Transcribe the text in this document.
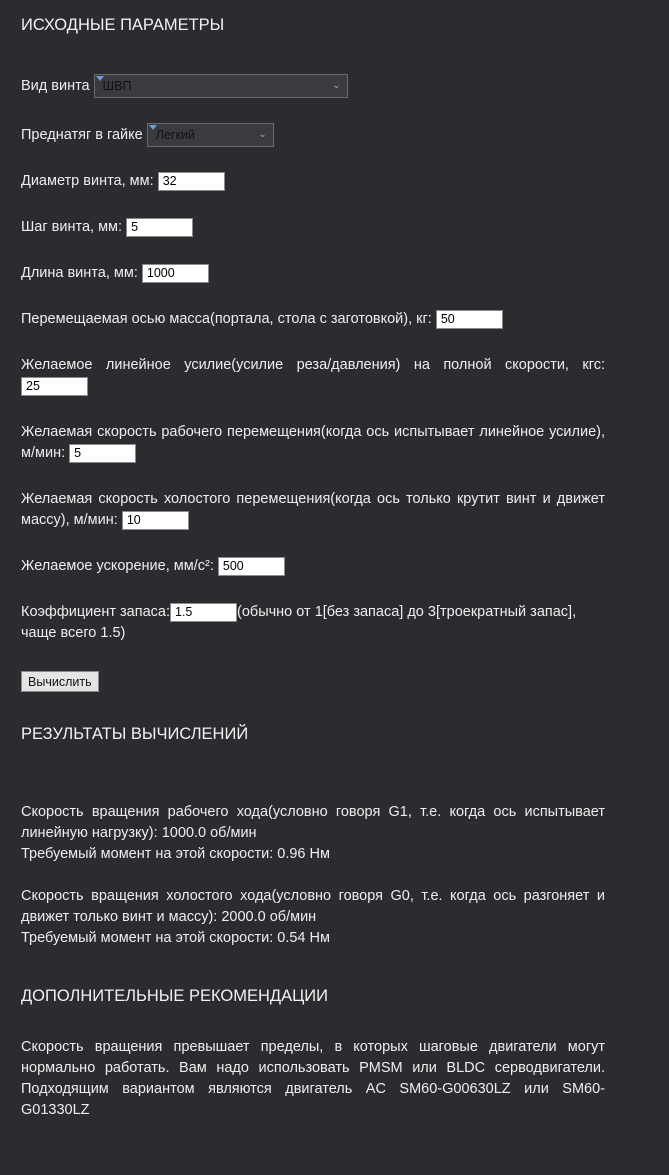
ИСХОДНЫЕ ПАРАМЕТРЫ
Вид винта ШВП	⌄
Преднатяг в гайке Легкий	⌄
Диаметр винта, мм: 32
Шаг винта, мм: 5
Длина винта, мм: 1000
Перемещаемая осью масса(портала, стола с заготовкой), кг: 50
Желаемое линейное усилие(усилие реза/давления) на полной скорости, кгс: 25
Желаемая скорость рабочего перемещения(когда ось испытывает линейное усилие), м/мин: 5
Желаемая скорость холостого перемещения(когда ось только крутит винт и движет массу), м/мин: 10
Желаемое ускорение, мм/с²: 500
Коэффициент запаса:1.5	(обычно от 1[без запаса] до 3[троекратный запас], чаще всего 1.5)
Вычислить
РЕЗУЛЬТАТЫ ВЫЧИСЛЕНИЙ
Скорость вращения рабочего хода(условно говоря G1, т.е. когда ось испытывает линейную нагрузку): 1000.0 об/мин
Требуемый момент на этой скорости: 0.96 Нм
Скорость вращения холостого хода(условно говоря G0, т.е. когда ось разгоняет и движет только винт и массу): 2000.0 об/мин
Требуемый момент на этой скорости: 0.54 Нм
ДОПОЛНИТЕЛЬНЫЕ РЕКОМЕНДАЦИИ
Скорость вращения превышает пределы, в которых шаговые двигатели могут нормально работать. Вам надо использовать PMSM или BLDC серводвигатели. Подходящим вариантом являются двигатель AC SM60-G00630LZ или SM60-G01330LZ
